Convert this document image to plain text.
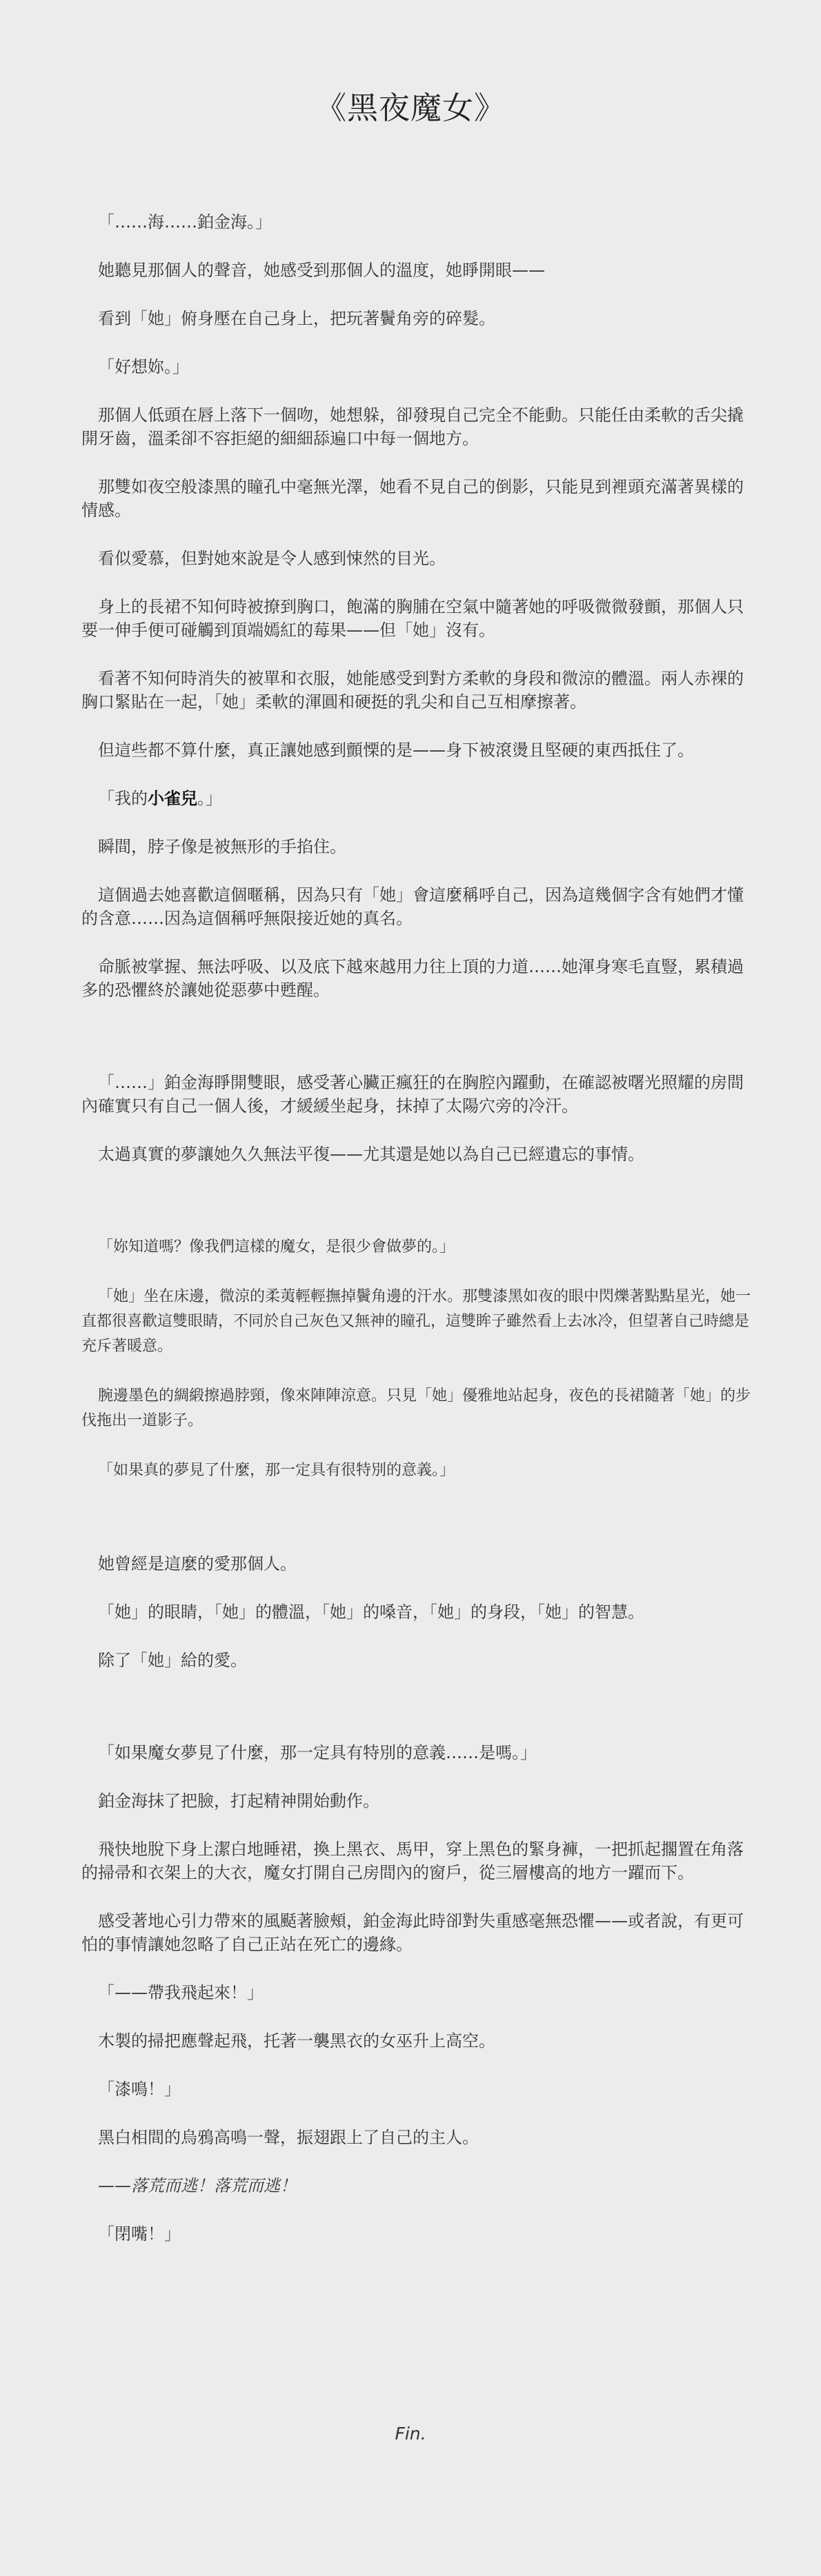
《黑夜魔女》

「……海……鉑金海。」

她聽見那個人的聲音，她感受到那個人的溫度，她睜開眼——

看到「她」俯身壓在自己身上，把玩著鬢角旁的碎髮。

「好想妳。」

那個人低頭在唇上落下一個吻，她想躲，卻發現自己完全不能動。只能任由柔軟的舌尖撬開牙齒，溫柔卻不容拒絕的細細舔遍口中每一個地方。

那雙如夜空般漆黑的瞳孔中毫無光澤，她看不見自己的倒影，只能見到裡頭充滿著異樣的情感。

看似愛慕，但對她來說是令人感到悚然的目光。

身上的長裙不知何時被撩到胸口，飽滿的胸脯在空氣中隨著她的呼吸微微發顫，那個人只要一伸手便可碰觸到頂端嫣紅的莓果——但「她」沒有。

看著不知何時消失的被單和衣服，她能感受到對方柔軟的身段和微涼的體溫。兩人赤裸的胸口緊貼在一起，「她」柔軟的渾圓和硬挺的乳尖和自己互相摩擦著。

但這些都不算什麼，真正讓她感到顫慄的是——身下被滾燙且堅硬的東西抵住了。

「我的小雀兒。」

瞬間，脖子像是被無形的手掐住。

這個過去她喜歡這個暱稱，因為只有「她」會這麼稱呼自己，因為這幾個字含有她們才懂的含意……因為這個稱呼無限接近她的真名。

命脈被掌握、無法呼吸、以及底下越來越用力往上頂的力道……她渾身寒毛直豎，累積過多的恐懼終於讓她從惡夢中甦醒。

「……」鉑金海睜開雙眼，感受著心臟正瘋狂的在胸腔內躍動，在確認被曙光照耀的房間內確實只有自己一個人後，才緩緩坐起身，抹掉了太陽穴旁的冷汗。

太過真實的夢讓她久久無法平復——尤其還是她以為自己已經遺忘的事情。

「妳知道嗎？像我們這樣的魔女，是很少會做夢的。」

「她」坐在床邊，微涼的柔荑輕輕撫掉鬢角邊的汗水。那雙漆黑如夜的眼中閃爍著點點星光，她一直都很喜歡這雙眼睛，不同於自己灰色又無神的瞳孔，這雙眸子雖然看上去冰冷，但望著自己時總是充斥著暖意。

腕邊墨色的綢緞擦過脖頸，像來陣陣涼意。只見「她」優雅地站起身，夜色的長裙隨著「她」的步伐拖出一道影子。

「如果真的夢見了什麼，那一定具有很特別的意義。」

她曾經是這麼的愛那個人。

「她」的眼睛，「她」的體溫，「她」的嗓音，「她」的身段，「她」的智慧。

除了「她」給的愛。

「如果魔女夢見了什麼，那一定具有特別的意義……是嗎。」

鉑金海抹了把臉，打起精神開始動作。

飛快地脫下身上潔白地睡裙，換上黑衣、馬甲，穿上黑色的緊身褲，一把抓起擱置在角落的掃帚和衣架上的大衣，魔女打開自己房間內的窗戶，從三層樓高的地方一躍而下。

感受著地心引力帶來的風颳著臉頰，鉑金海此時卻對失重感毫無恐懼——或者說，有更可怕的事情讓她忽略了自己正站在死亡的邊緣。

「——帶我飛起來！」

木製的掃把應聲起飛，托著一襲黑衣的女巫升上高空。

「漆鳴！」

黑白相間的烏鴉高鳴一聲，振翅跟上了自己的主人。

——落荒而逃！落荒而逃！

「閉嘴！」

Fin.
